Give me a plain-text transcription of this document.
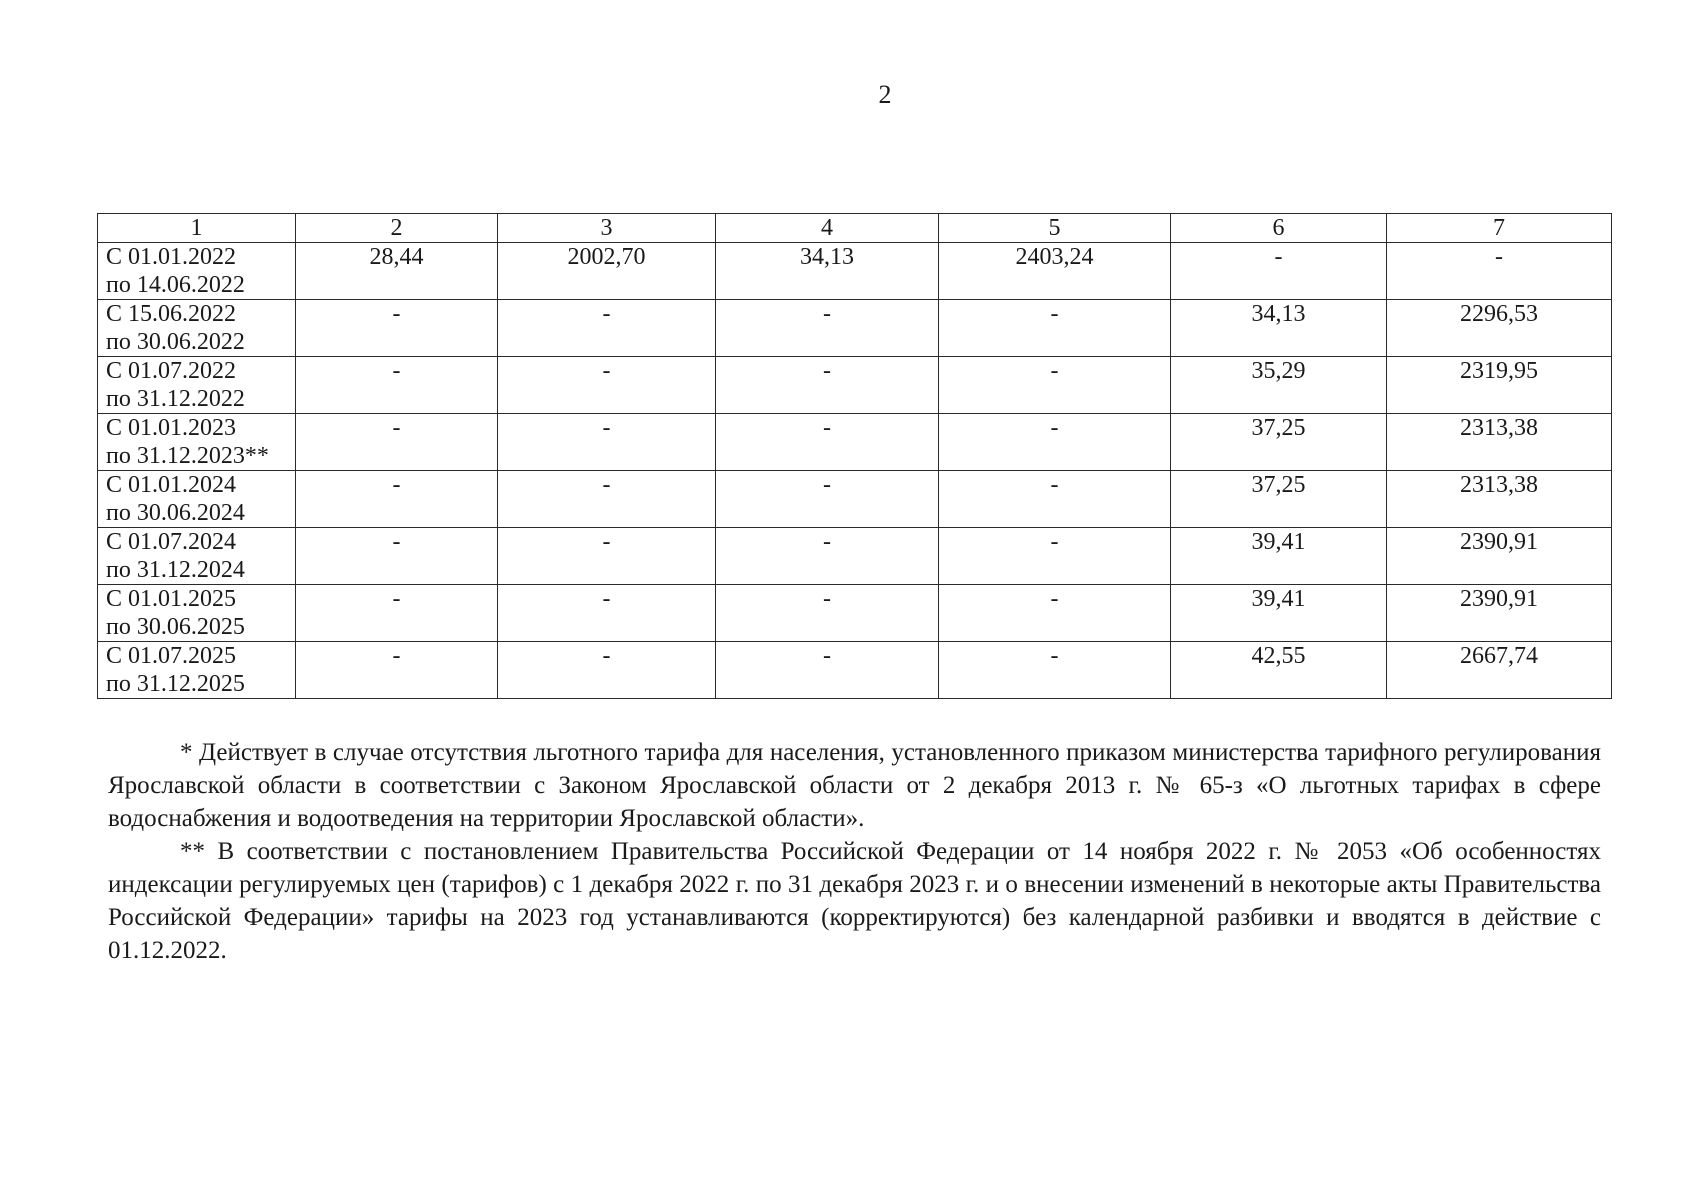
2
1	2	3	4	5	6	7

С 01.01.2022
по 14.06.2022	28,44	2002,70	34,13	2403,24	-	-

С 15.06.2022
по 30.06.2022	-	-	-	-	34,13	2296,53

С 01.07.2022
по 31.12.2022	-	-	-	-	35,29	2319,95

С 01.01.2023
по 31.12.2023**	-	-	-	-	37,25	2313,38

С 01.01.2024
по 30.06.2024	-	-	-	-	37,25	2313,38

С 01.07.2024
по 31.12.2024	-	-	-	-	39,41	2390,91

С 01.01.2025
по 30.06.2025	-	-	-	-	39,41	2390,91

С 01.07.2025
по 31.12.2025	-	-	-	-	42,55	2667,74

* Действует в случае отсутствия льготного тарифа для населения, установленного приказом министерства тарифного регулирования Ярославской области в соответствии с Законом Ярославской области от 2 декабря 2013 г. № 65-з «О льготных тарифах в сфере водоснабжения и водоотведения на территории Ярославской области».

** В соответствии с постановлением Правительства Российской Федерации от 14 ноября 2022 г. № 2053 «Об особенностях индексации регулируемых цен (тарифов) с 1 декабря 2022 г. по 31 декабря 2023 г. и о внесении изменений в некоторые акты Правительства Российской Федерации» тарифы на 2023 год устанавливаются (корректируются) без календарной разбивки и вводятся в действие с 01.12.2022.
